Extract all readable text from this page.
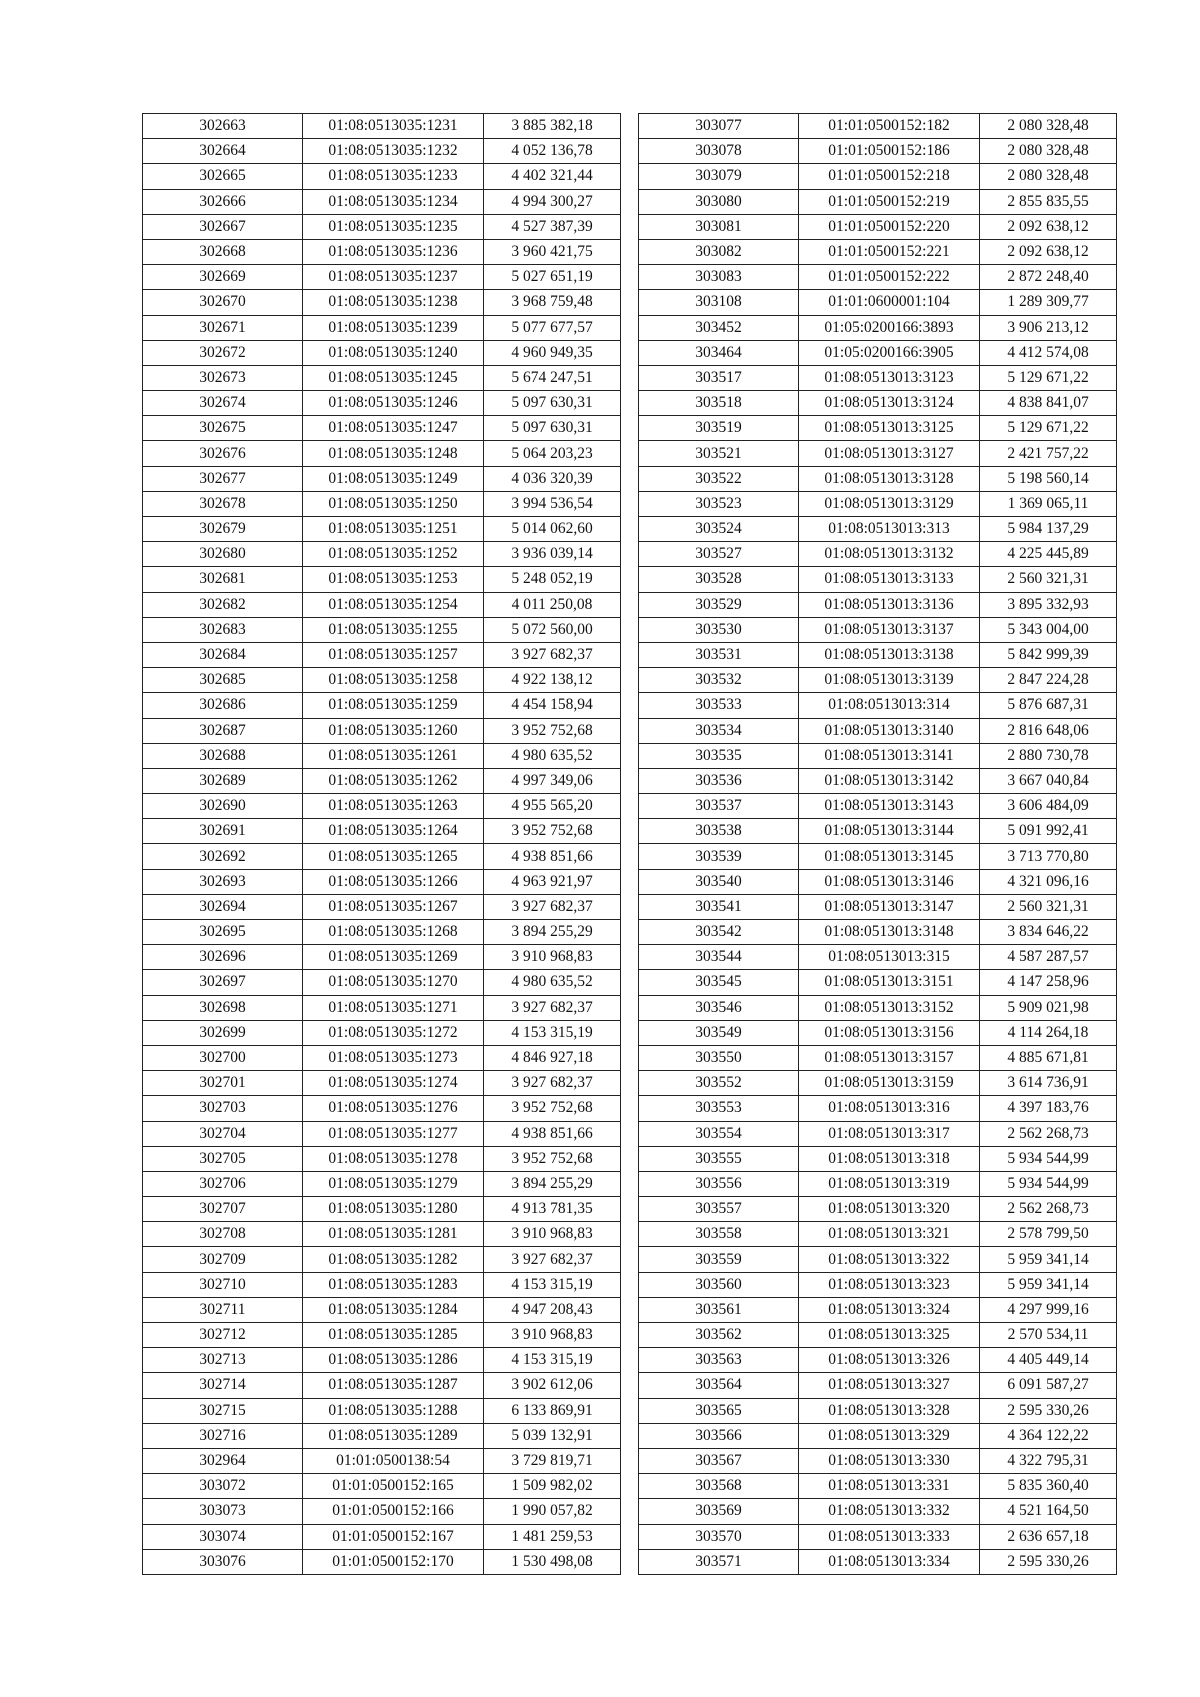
302663	01:08:0513035:1231	3 885 382,18
302664	01:08:0513035:1232	4 052 136,78
302665	01:08:0513035:1233	4 402 321,44
302666	01:08:0513035:1234	4 994 300,27
302667	01:08:0513035:1235	4 527 387,39
302668	01:08:0513035:1236	3 960 421,75
302669	01:08:0513035:1237	5 027 651,19
302670	01:08:0513035:1238	3 968 759,48
302671	01:08:0513035:1239	5 077 677,57
302672	01:08:0513035:1240	4 960 949,35
302673	01:08:0513035:1245	5 674 247,51
302674	01:08:0513035:1246	5 097 630,31
302675	01:08:0513035:1247	5 097 630,31
302676	01:08:0513035:1248	5 064 203,23
302677	01:08:0513035:1249	4 036 320,39
302678	01:08:0513035:1250	3 994 536,54
302679	01:08:0513035:1251	5 014 062,60
302680	01:08:0513035:1252	3 936 039,14
302681	01:08:0513035:1253	5 248 052,19
302682	01:08:0513035:1254	4 011 250,08
302683	01:08:0513035:1255	5 072 560,00
302684	01:08:0513035:1257	3 927 682,37
302685	01:08:0513035:1258	4 922 138,12
302686	01:08:0513035:1259	4 454 158,94
302687	01:08:0513035:1260	3 952 752,68
302688	01:08:0513035:1261	4 980 635,52
302689	01:08:0513035:1262	4 997 349,06
302690	01:08:0513035:1263	4 955 565,20
302691	01:08:0513035:1264	3 952 752,68
302692	01:08:0513035:1265	4 938 851,66
302693	01:08:0513035:1266	4 963 921,97
302694	01:08:0513035:1267	3 927 682,37
302695	01:08:0513035:1268	3 894 255,29
302696	01:08:0513035:1269	3 910 968,83
302697	01:08:0513035:1270	4 980 635,52
302698	01:08:0513035:1271	3 927 682,37
302699	01:08:0513035:1272	4 153 315,19
302700	01:08:0513035:1273	4 846 927,18
302701	01:08:0513035:1274	3 927 682,37
302703	01:08:0513035:1276	3 952 752,68
302704	01:08:0513035:1277	4 938 851,66
302705	01:08:0513035:1278	3 952 752,68
302706	01:08:0513035:1279	3 894 255,29
302707	01:08:0513035:1280	4 913 781,35
302708	01:08:0513035:1281	3 910 968,83
302709	01:08:0513035:1282	3 927 682,37
302710	01:08:0513035:1283	4 153 315,19
302711	01:08:0513035:1284	4 947 208,43
302712	01:08:0513035:1285	3 910 968,83
302713	01:08:0513035:1286	4 153 315,19
302714	01:08:0513035:1287	3 902 612,06
302715	01:08:0513035:1288	6 133 869,91
302716	01:08:0513035:1289	5 039 132,91
302964	01:01:0500138:54	3 729 819,71
303072	01:01:0500152:165	1 509 982,02
303073	01:01:0500152:166	1 990 057,82
303074	01:01:0500152:167	1 481 259,53
303076	01:01:0500152:170	1 530 498,08
303077	01:01:0500152:182	2 080 328,48
303078	01:01:0500152:186	2 080 328,48
303079	01:01:0500152:218	2 080 328,48
303080	01:01:0500152:219	2 855 835,55
303081	01:01:0500152:220	2 092 638,12
303082	01:01:0500152:221	2 092 638,12
303083	01:01:0500152:222	2 872 248,40
303108	01:01:0600001:104	1 289 309,77
303452	01:05:0200166:3893	3 906 213,12
303464	01:05:0200166:3905	4 412 574,08
303517	01:08:0513013:3123	5 129 671,22
303518	01:08:0513013:3124	4 838 841,07
303519	01:08:0513013:3125	5 129 671,22
303521	01:08:0513013:3127	2 421 757,22
303522	01:08:0513013:3128	5 198 560,14
303523	01:08:0513013:3129	1 369 065,11
303524	01:08:0513013:313	5 984 137,29
303527	01:08:0513013:3132	4 225 445,89
303528	01:08:0513013:3133	2 560 321,31
303529	01:08:0513013:3136	3 895 332,93
303530	01:08:0513013:3137	5 343 004,00
303531	01:08:0513013:3138	5 842 999,39
303532	01:08:0513013:3139	2 847 224,28
303533	01:08:0513013:314	5 876 687,31
303534	01:08:0513013:3140	2 816 648,06
303535	01:08:0513013:3141	2 880 730,78
303536	01:08:0513013:3142	3 667 040,84
303537	01:08:0513013:3143	3 606 484,09
303538	01:08:0513013:3144	5 091 992,41
303539	01:08:0513013:3145	3 713 770,80
303540	01:08:0513013:3146	4 321 096,16
303541	01:08:0513013:3147	2 560 321,31
303542	01:08:0513013:3148	3 834 646,22
303544	01:08:0513013:315	4 587 287,57
303545	01:08:0513013:3151	4 147 258,96
303546	01:08:0513013:3152	5 909 021,98
303549	01:08:0513013:3156	4 114 264,18
303550	01:08:0513013:3157	4 885 671,81
303552	01:08:0513013:3159	3 614 736,91
303553	01:08:0513013:316	4 397 183,76
303554	01:08:0513013:317	2 562 268,73
303555	01:08:0513013:318	5 934 544,99
303556	01:08:0513013:319	5 934 544,99
303557	01:08:0513013:320	2 562 268,73
303558	01:08:0513013:321	2 578 799,50
303559	01:08:0513013:322	5 959 341,14
303560	01:08:0513013:323	5 959 341,14
303561	01:08:0513013:324	4 297 999,16
303562	01:08:0513013:325	2 570 534,11
303563	01:08:0513013:326	4 405 449,14
303564	01:08:0513013:327	6 091 587,27
303565	01:08:0513013:328	2 595 330,26
303566	01:08:0513013:329	4 364 122,22
303567	01:08:0513013:330	4 322 795,31
303568	01:08:0513013:331	5 835 360,40
303569	01:08:0513013:332	4 521 164,50
303570	01:08:0513013:333	2 636 657,18
303571	01:08:0513013:334	2 595 330,26
